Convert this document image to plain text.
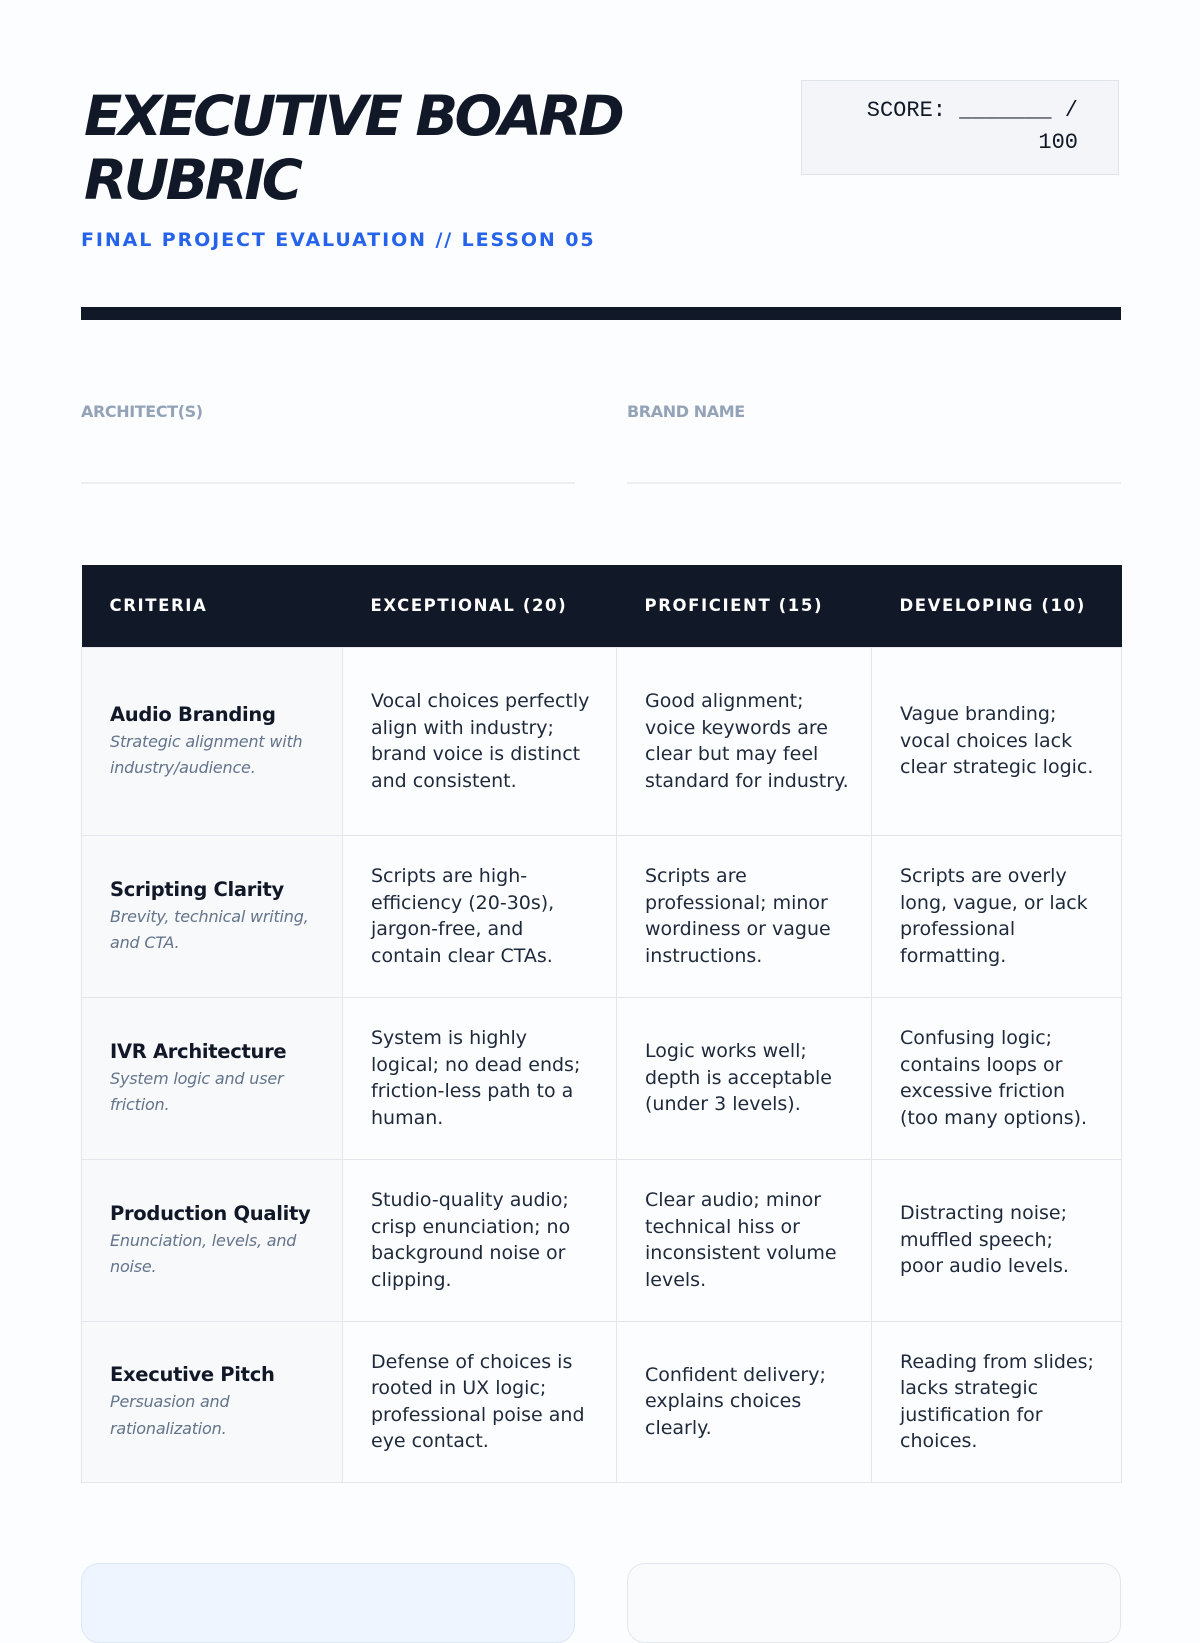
EXECUTIVE BOARD
RUBRIC
FINAL PROJECT EVALUATION // LESSON 05
SCORE: _______ /
100
ARCHITECT(S)	BRAND NAME
CRITERIA	EXCEPTIONAL (20)	PROFICIENT (15)	DEVELOPING (10)

Audio Branding
Strategic alignment with industry/audience.	Vocal choices perfectly align with industry; brand voice is distinct and consistent.	Good alignment; voice keywords are clear but may feel standard for industry.	Vague branding; vocal choices lack clear strategic logic.

Scripting Clarity
Brevity, technical writing, and CTA.	Scripts are high-efficiency (20-30s), jargon-free, and contain clear CTAs.	Scripts are professional; minor wordiness or vague instructions.	Scripts are overly long, vague, or lack professional formatting.

IVR Architecture
System logic and user friction.	System is highly logical; no dead ends; friction-less path to a human.	Logic works well; depth is acceptable (under 3 levels).	Confusing logic; contains loops or excessive friction (too many options).

Production Quality
Enunciation, levels, and noise.	Studio-quality audio; crisp enunciation; no background noise or clipping.	Clear audio; minor technical hiss or inconsistent volume levels.	Distracting noise; muffled speech; poor audio levels.

Executive Pitch
Persuasion and rationalization.	Defense of choices is rooted in UX logic; professional poise and eye contact.	Confident delivery; explains choices clearly.	Reading from slides; lacks strategic justification for choices.
